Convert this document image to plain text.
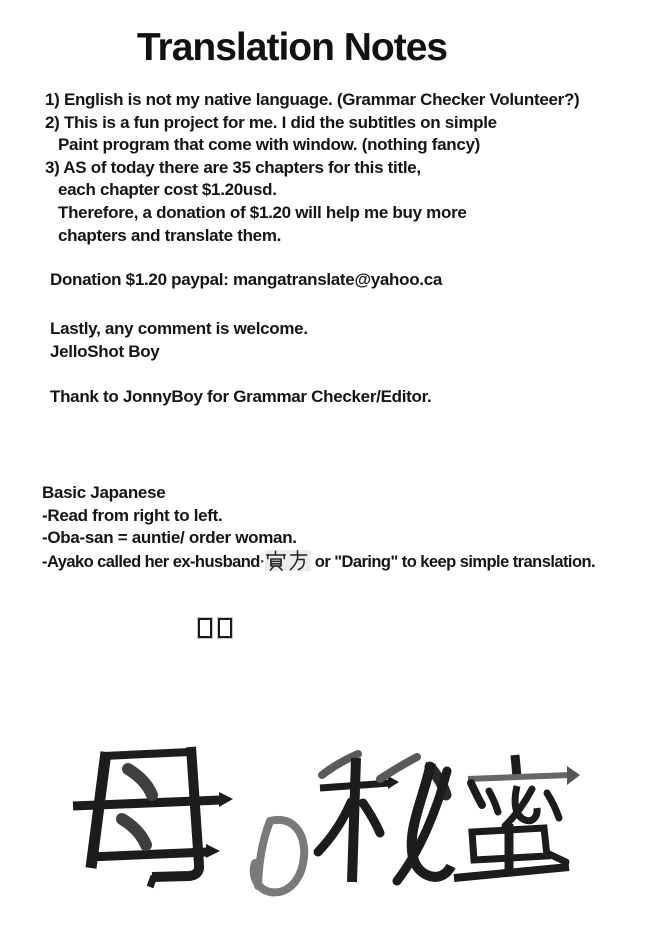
Translation Notes
1) English is not my native language. (Grammar Checker Volunteer?)
2) This is a fun project for me. I did the subtitles on simple
Paint program that come with window. (nothing fancy)
3) AS of today there are 35 chapters for this title,
each chapter cost $1.20usd.
Therefore, a donation of $1.20 will help me buy more
chapters and translate them.
Donation $1.20 paypal: mangatranslate@yahoo.ca
Lastly, any comment is welcome.
JelloShot Boy
Thank to JonnyBoy for Grammar Checker/Editor.
Basic Japanese
-Read from right to left.
-Oba-san = auntie/ order woman.
-Ayako called her ex-husband·	or "Daring" to keep simple translation.
